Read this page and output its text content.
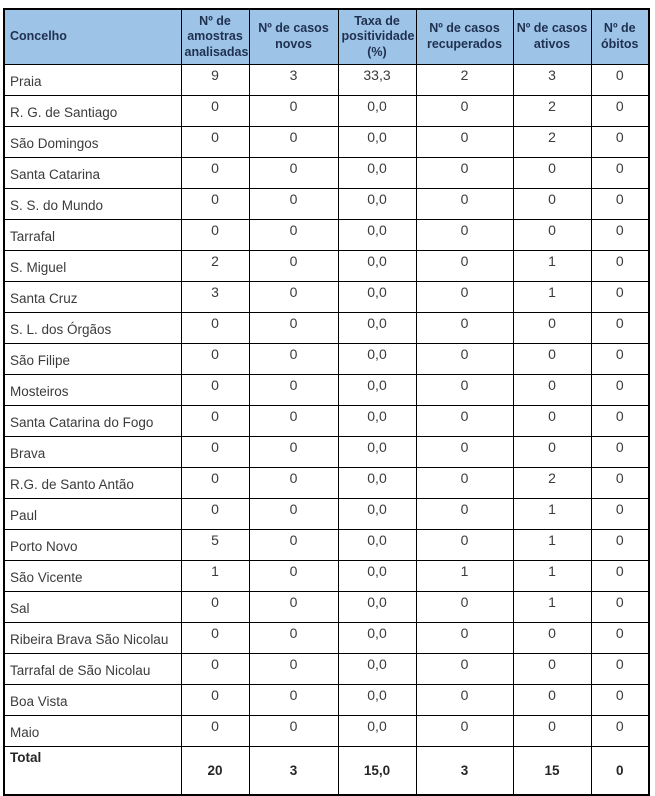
Concelho	Nº de amostras analisadas	Nº de casos novos	Taxa de positividade (%)	Nº de casos recuperados	Nº de casos ativos	Nº de óbitos
Praia	9	3	33,3	2	3	0
R. G. de Santiago	0	0	0,0	0	2	0
São Domingos	0	0	0,0	0	2	0
Santa Catarina	0	0	0,0	0	0	0
S. S. do Mundo	0	0	0,0	0	0	0
Tarrafal	0	0	0,0	0	0	0
S. Miguel	2	0	0,0	0	1	0
Santa Cruz	3	0	0,0	0	1	0
S. L. dos Órgãos	0	0	0,0	0	0	0
São Filipe	0	0	0,0	0	0	0
Mosteiros	0	0	0,0	0	0	0
Santa Catarina do Fogo	0	0	0,0	0	0	0
Brava	0	0	0,0	0	0	0
R.G. de Santo Antão	0	0	0,0	0	2	0
Paul	0	0	0,0	0	1	0
Porto Novo	5	0	0,0	0	1	0
São Vicente	1	0	0,0	1	1	0
Sal	0	0	0,0	0	1	0
Ribeira Brava São Nicolau	0	0	0,0	0	0	0
Tarrafal de São Nicolau	0	0	0,0	0	0	0
Boa Vista	0	0	0,0	0	0	0
Maio	0	0	0,0	0	0	0
Total	20	3	15,0	3	15	0
